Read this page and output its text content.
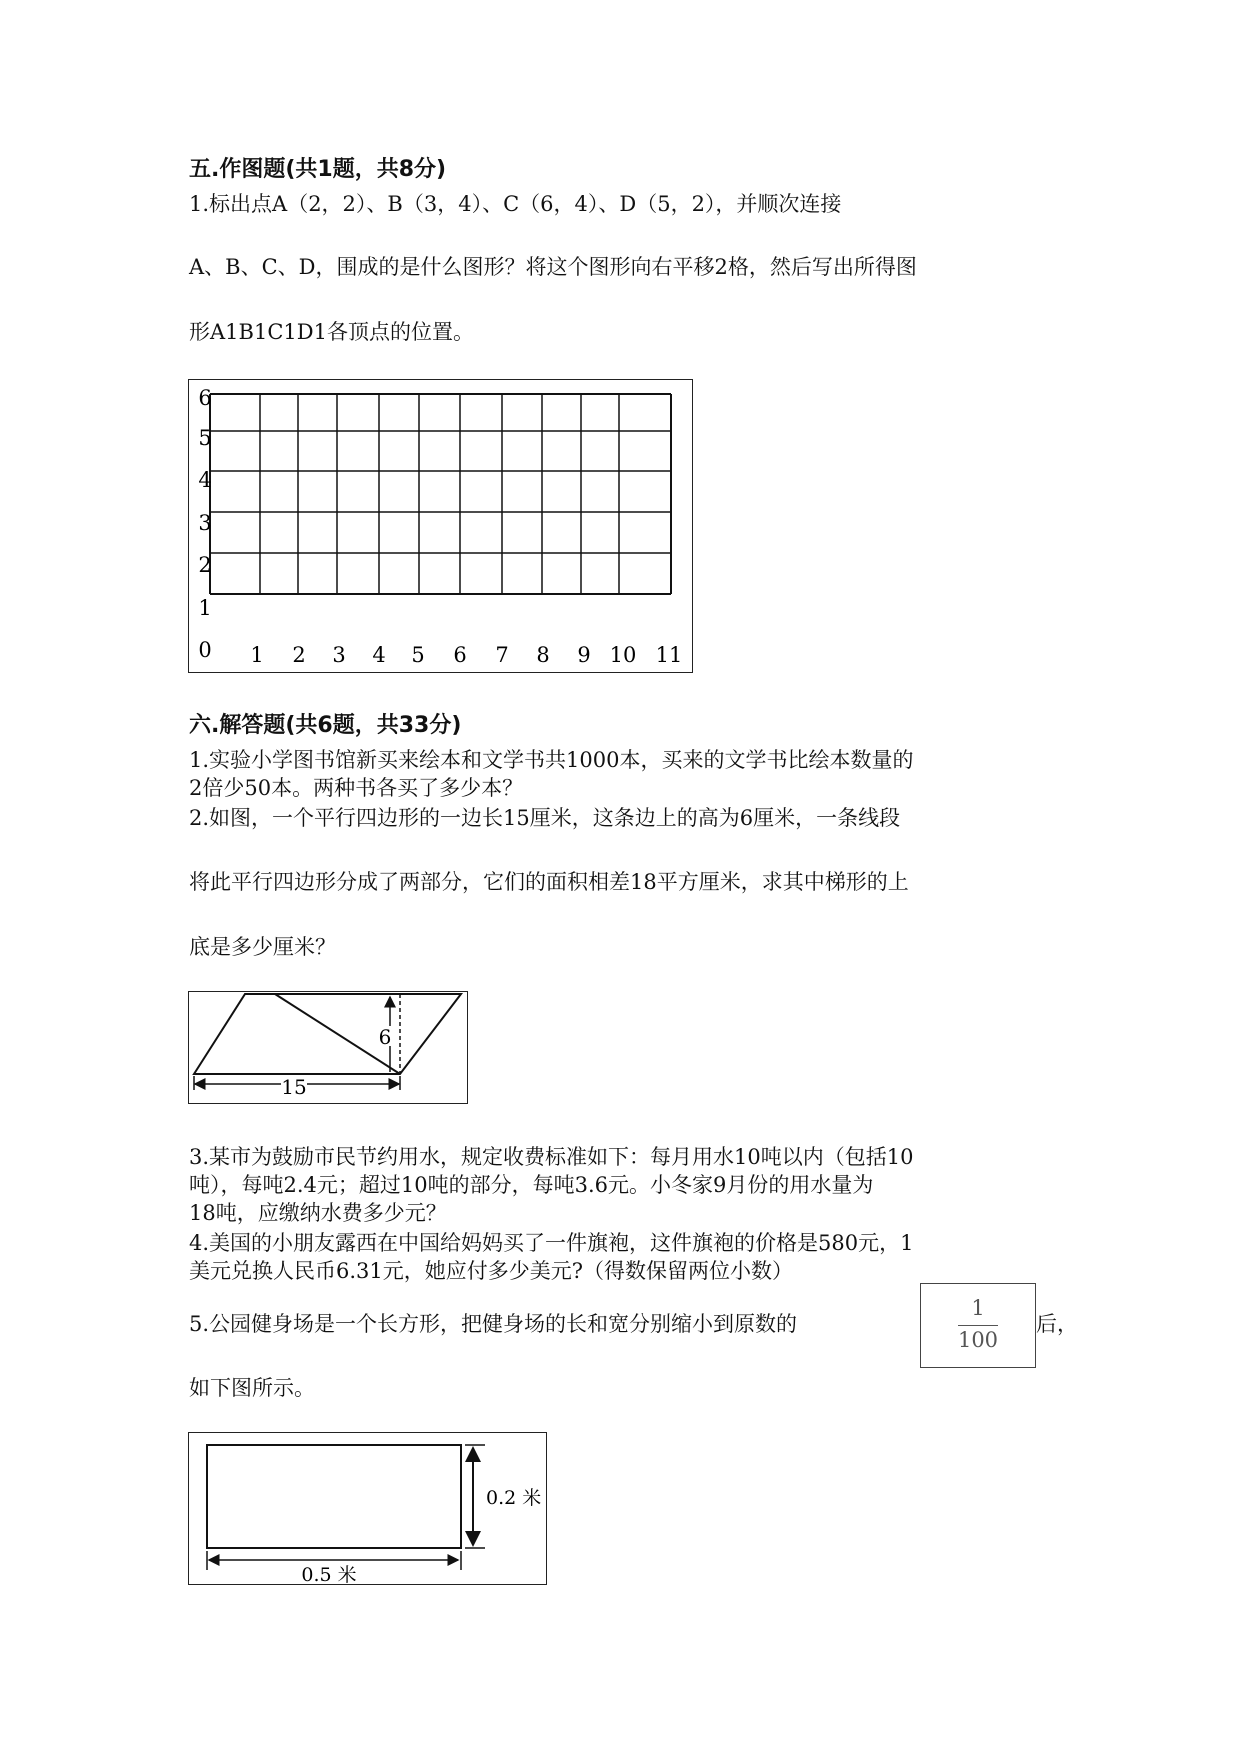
五.作图题(共1题，共8分)
1.标出点A（2，2）、B（3，4）、C（6，4）、D（5，2），并顺次连接
A、B、C、D，围成的是什么图形？将这个图形向右平移2格，然后写出所得图
形A1B1C1D1各顶点的位置。
1 2 3 4 5 6 7 8 9 10 11
0
1
2
3
4
5
6
六.解答题(共6题，共33分)
1.实验小学图书馆新买来绘本和文学书共1000本，买来的文学书比绘本数量的
2倍少50本。两种书各买了多少本？
2.如图，一个平行四边形的一边长15厘米，这条边上的高为6厘米，一条线段
将此平行四边形分成了两部分，它们的面积相差18平方厘米，求其中梯形的上
底是多少厘米？
15
6
3.某市为鼓励市民节约用水，规定收费标准如下：每月用水10吨以内（包括10
吨），每吨2.4元；超过10吨的部分，每吨3.6元。小冬家9月份的用水量为
18吨，应缴纳水费多少元？
4.美国的小朋友露西在中国给妈妈买了一件旗袍，这件旗袍的价格是580元，1
美元兑换人民币6.31元，她应付多少美元?（得数保留两位小数）
5.公园健身场是一个长方形，把健身场的长和宽分别缩小到原数的
1
100
后，
如下图所示。
0.2 米
0.5 米
